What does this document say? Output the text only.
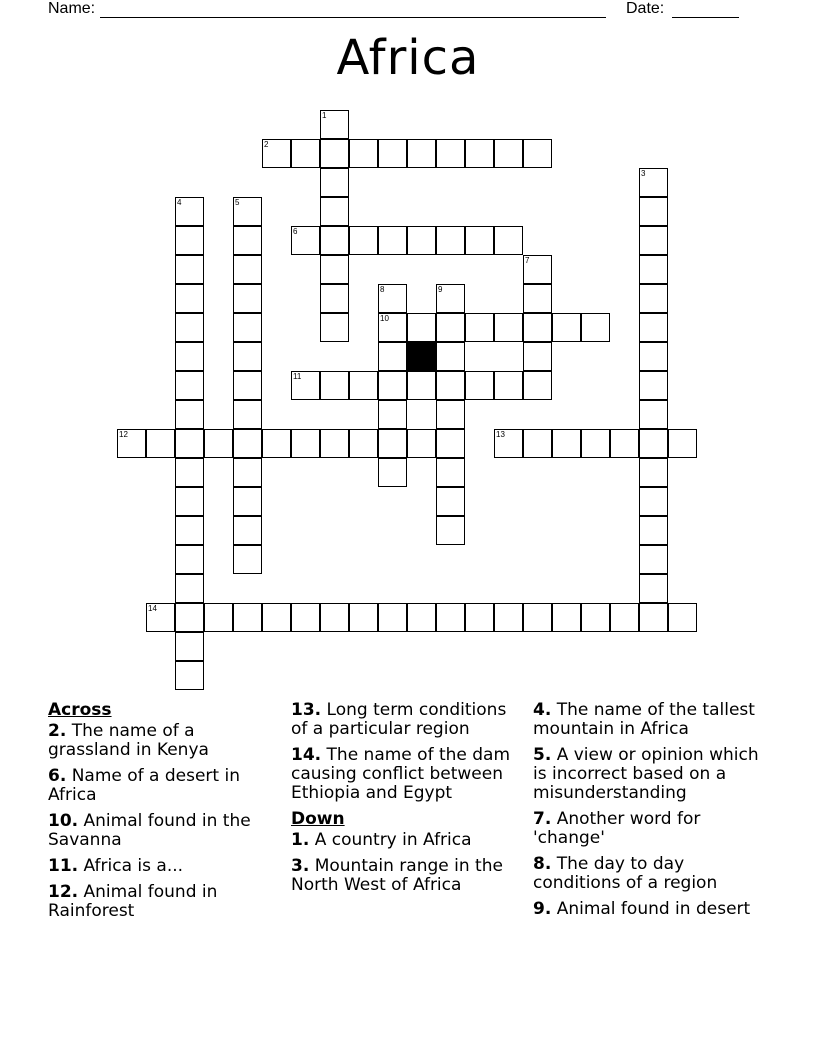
Name:	Date:
Africa
1
2
3
4	5
6
7
8
10
9
11
12	13
14
Across
2. The name of a grassland in Kenya
6. Name of a desert in Africa
10. Animal found in the Savanna
11. Africa is a...
12. Animal found in Rainforest
13. Long term conditions of a particular region
14. The name of the dam causing conflict between Ethiopia and Egypt
Down
1. A country in Africa
3. Mountain range in the North West of Africa
4. The name of the tallest mountain in Africa
5. A view or opinion which is incorrect based on a misunderstanding
7. Another word for 'change'
8. The day to day conditions of a region
9. Animal found in desert
